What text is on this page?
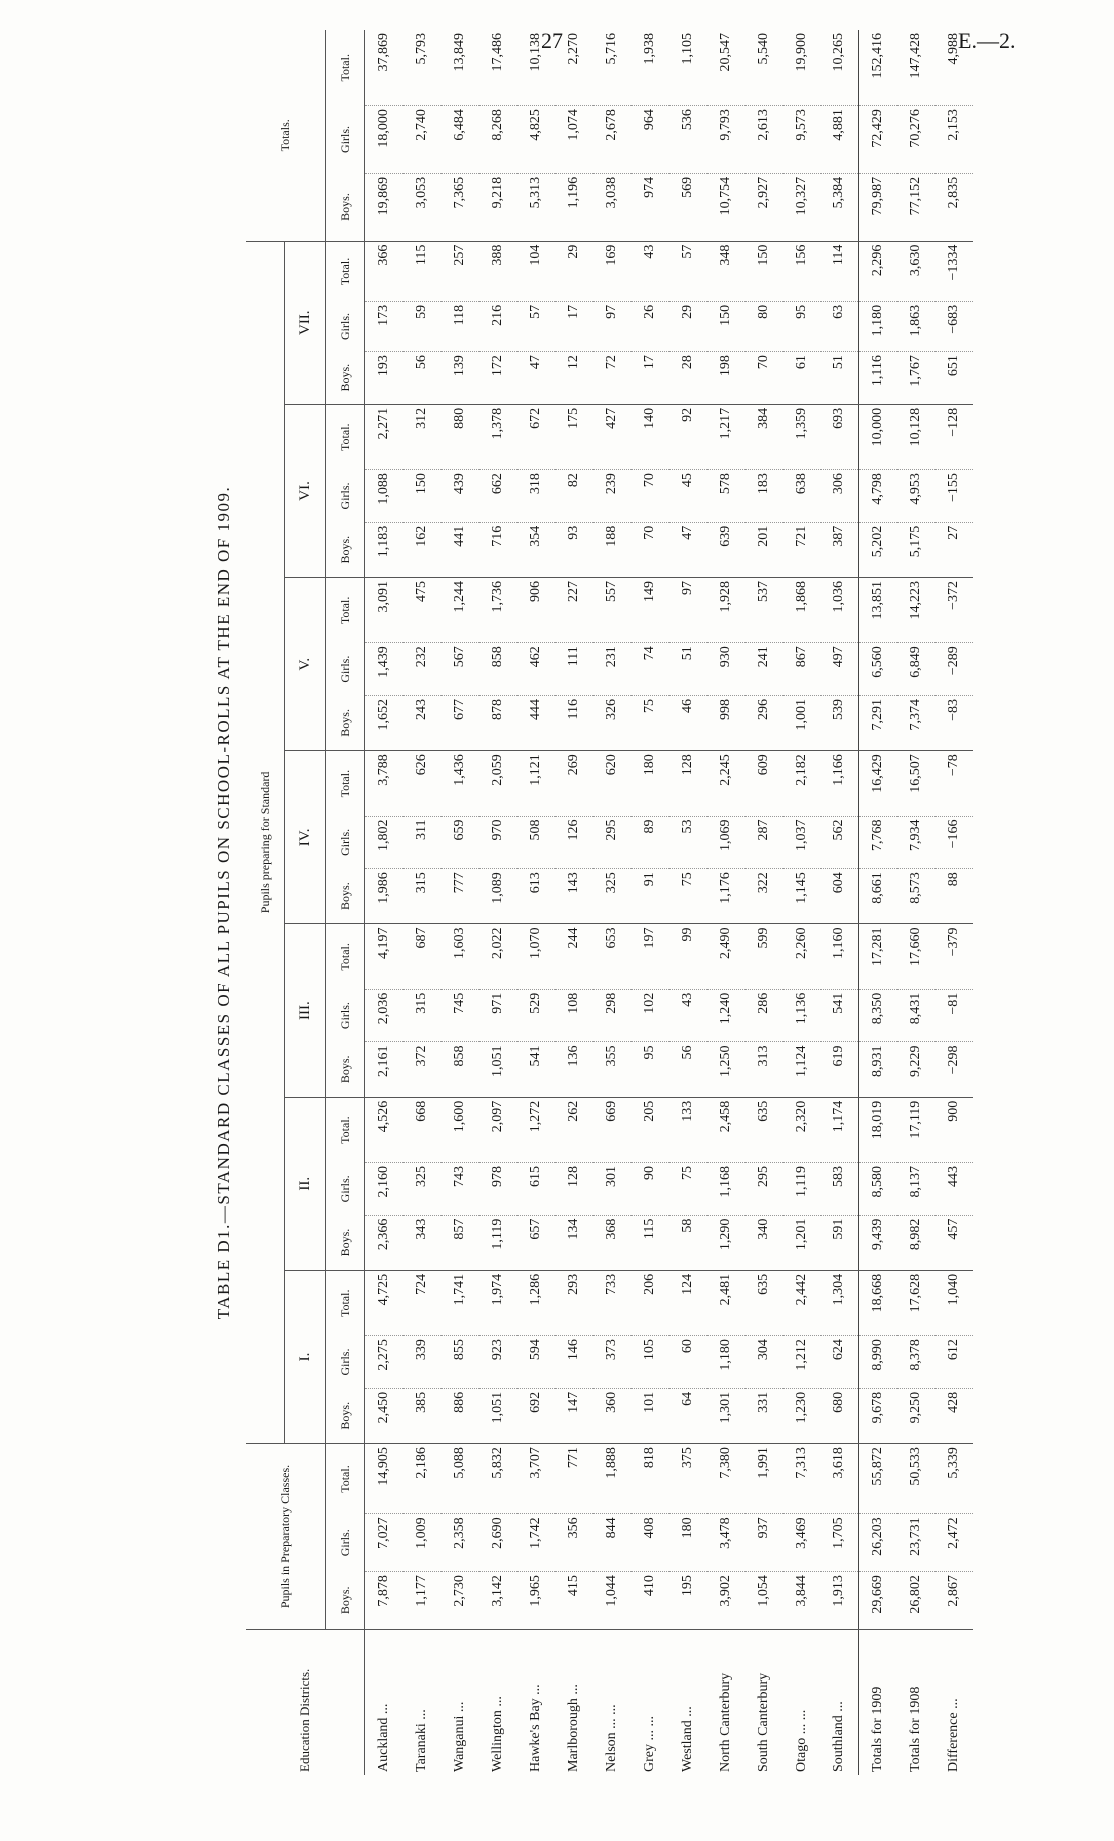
27	E.—2.
TABLE D1.—STANDARD CLASSES OF ALL PUPILS ON SCHOOL-ROLLS AT THE END OF 1909.
Education Districts.	Pupils in Preparatory Classes.			Pupils preparing for Standard																					Totals.		
				I.			II.			III.			IV.			V.			VI.			VII.					
	Boys.	Girls.	Total.	Boys.	Girls.	Total.	Boys.	Girls.	Total.	Boys.	Girls.	Total.	Boys.	Girls.	Total.	Boys.	Girls.	Total.	Boys.	Girls.	Total.	Boys.	Girls.	Total.	Boys.	Girls.	Total.
Auckland ...	7,878	7,027	14,905	2,450	2,275	4,725	2,366	2,160	4,526	2,161	2,036	4,197	1,986	1,802	3,788	1,652	1,439	3,091	1,183	1,088	2,271	193	173	366	19,869	18,000	37,869
Taranaki ...	1,177	1,009	2,186	385	339	724	343	325	668	372	315	687	315	311	626	243	232	475	162	150	312	56	59	115	3,053	2,740	5,793
Wanganui ...	2,730	2,358	5,088	886	855	1,741	857	743	1,600	858	745	1,603	777	659	1,436	677	567	1,244	441	439	880	139	118	257	7,365	6,484	13,849
Wellington ...	3,142	2,690	5,832	1,051	923	1,974	1,119	978	2,097	1,051	971	2,022	1,089	970	2,059	878	858	1,736	716	662	1,378	172	216	388	9,218	8,268	17,486
Hawke's Bay ...	1,965	1,742	3,707	692	594	1,286	657	615	1,272	541	529	1,070	613	508	1,121	444	462	906	354	318	672	47	57	104	5,313	4,825	10,138
Marlborough ...	415	356	771	147	146	293	134	128	262	136	108	244	143	126	269	116	111	227	93	82	175	12	17	29	1,196	1,074	2,270
Nelson ... ...	1,044	844	1,888	360	373	733	368	301	669	355	298	653	325	295	620	326	231	557	188	239	427	72	97	169	3,038	2,678	5,716
Grey ... ...	410	408	818	101	105	206	115	90	205	95	102	197	91	89	180	75	74	149	70	70	140	17	26	43	974	964	1,938
Westland ...	195	180	375	64	60	124	58	75	133	56	43	99	75	53	128	46	51	97	47	45	92	28	29	57	569	536	1,105
North Canterbury	3,902	3,478	7,380	1,301	1,180	2,481	1,290	1,168	2,458	1,250	1,240	2,490	1,176	1,069	2,245	998	930	1,928	639	578	1,217	198	150	348	10,754	9,793	20,547
South Canterbury	1,054	937	1,991	331	304	635	340	295	635	313	286	599	322	287	609	296	241	537	201	183	384	70	80	150	2,927	2,613	5,540
Otago ... ...	3,844	3,469	7,313	1,230	1,212	2,442	1,201	1,119	2,320	1,124	1,136	2,260	1,145	1,037	2,182	1,001	867	1,868	721	638	1,359	61	95	156	10,327	9,573	19,900
Southland ...	1,913	1,705	3,618	680	624	1,304	591	583	1,174	619	541	1,160	604	562	1,166	539	497	1,036	387	306	693	51	63	114	5,384	4,881	10,265
Totals for 1909	29,669	26,203	55,872	9,678	8,990	18,668	9,439	8,580	18,019	8,931	8,350	17,281	8,661	7,768	16,429	7,291	6,560	13,851	5,202	4,798	10,000	1,116	1,180	2,296	79,987	72,429	152,416
Totals for 1908	26,802	23,731	50,533	9,250	8,378	17,628	8,982	8,137	17,119	9,229	8,431	17,660	8,573	7,934	16,507	7,374	6,849	14,223	5,175	4,953	10,128	1,767	1,863	3,630	77,152	70,276	147,428
Difference ...	2,867	2,472	5,339	428	612	1,040	457	443	900	−298	−81	−379	88	−166	−78	−83	−289	−372	27	−155	−128	651	−683	−1334	2,835	2,153	4,988
